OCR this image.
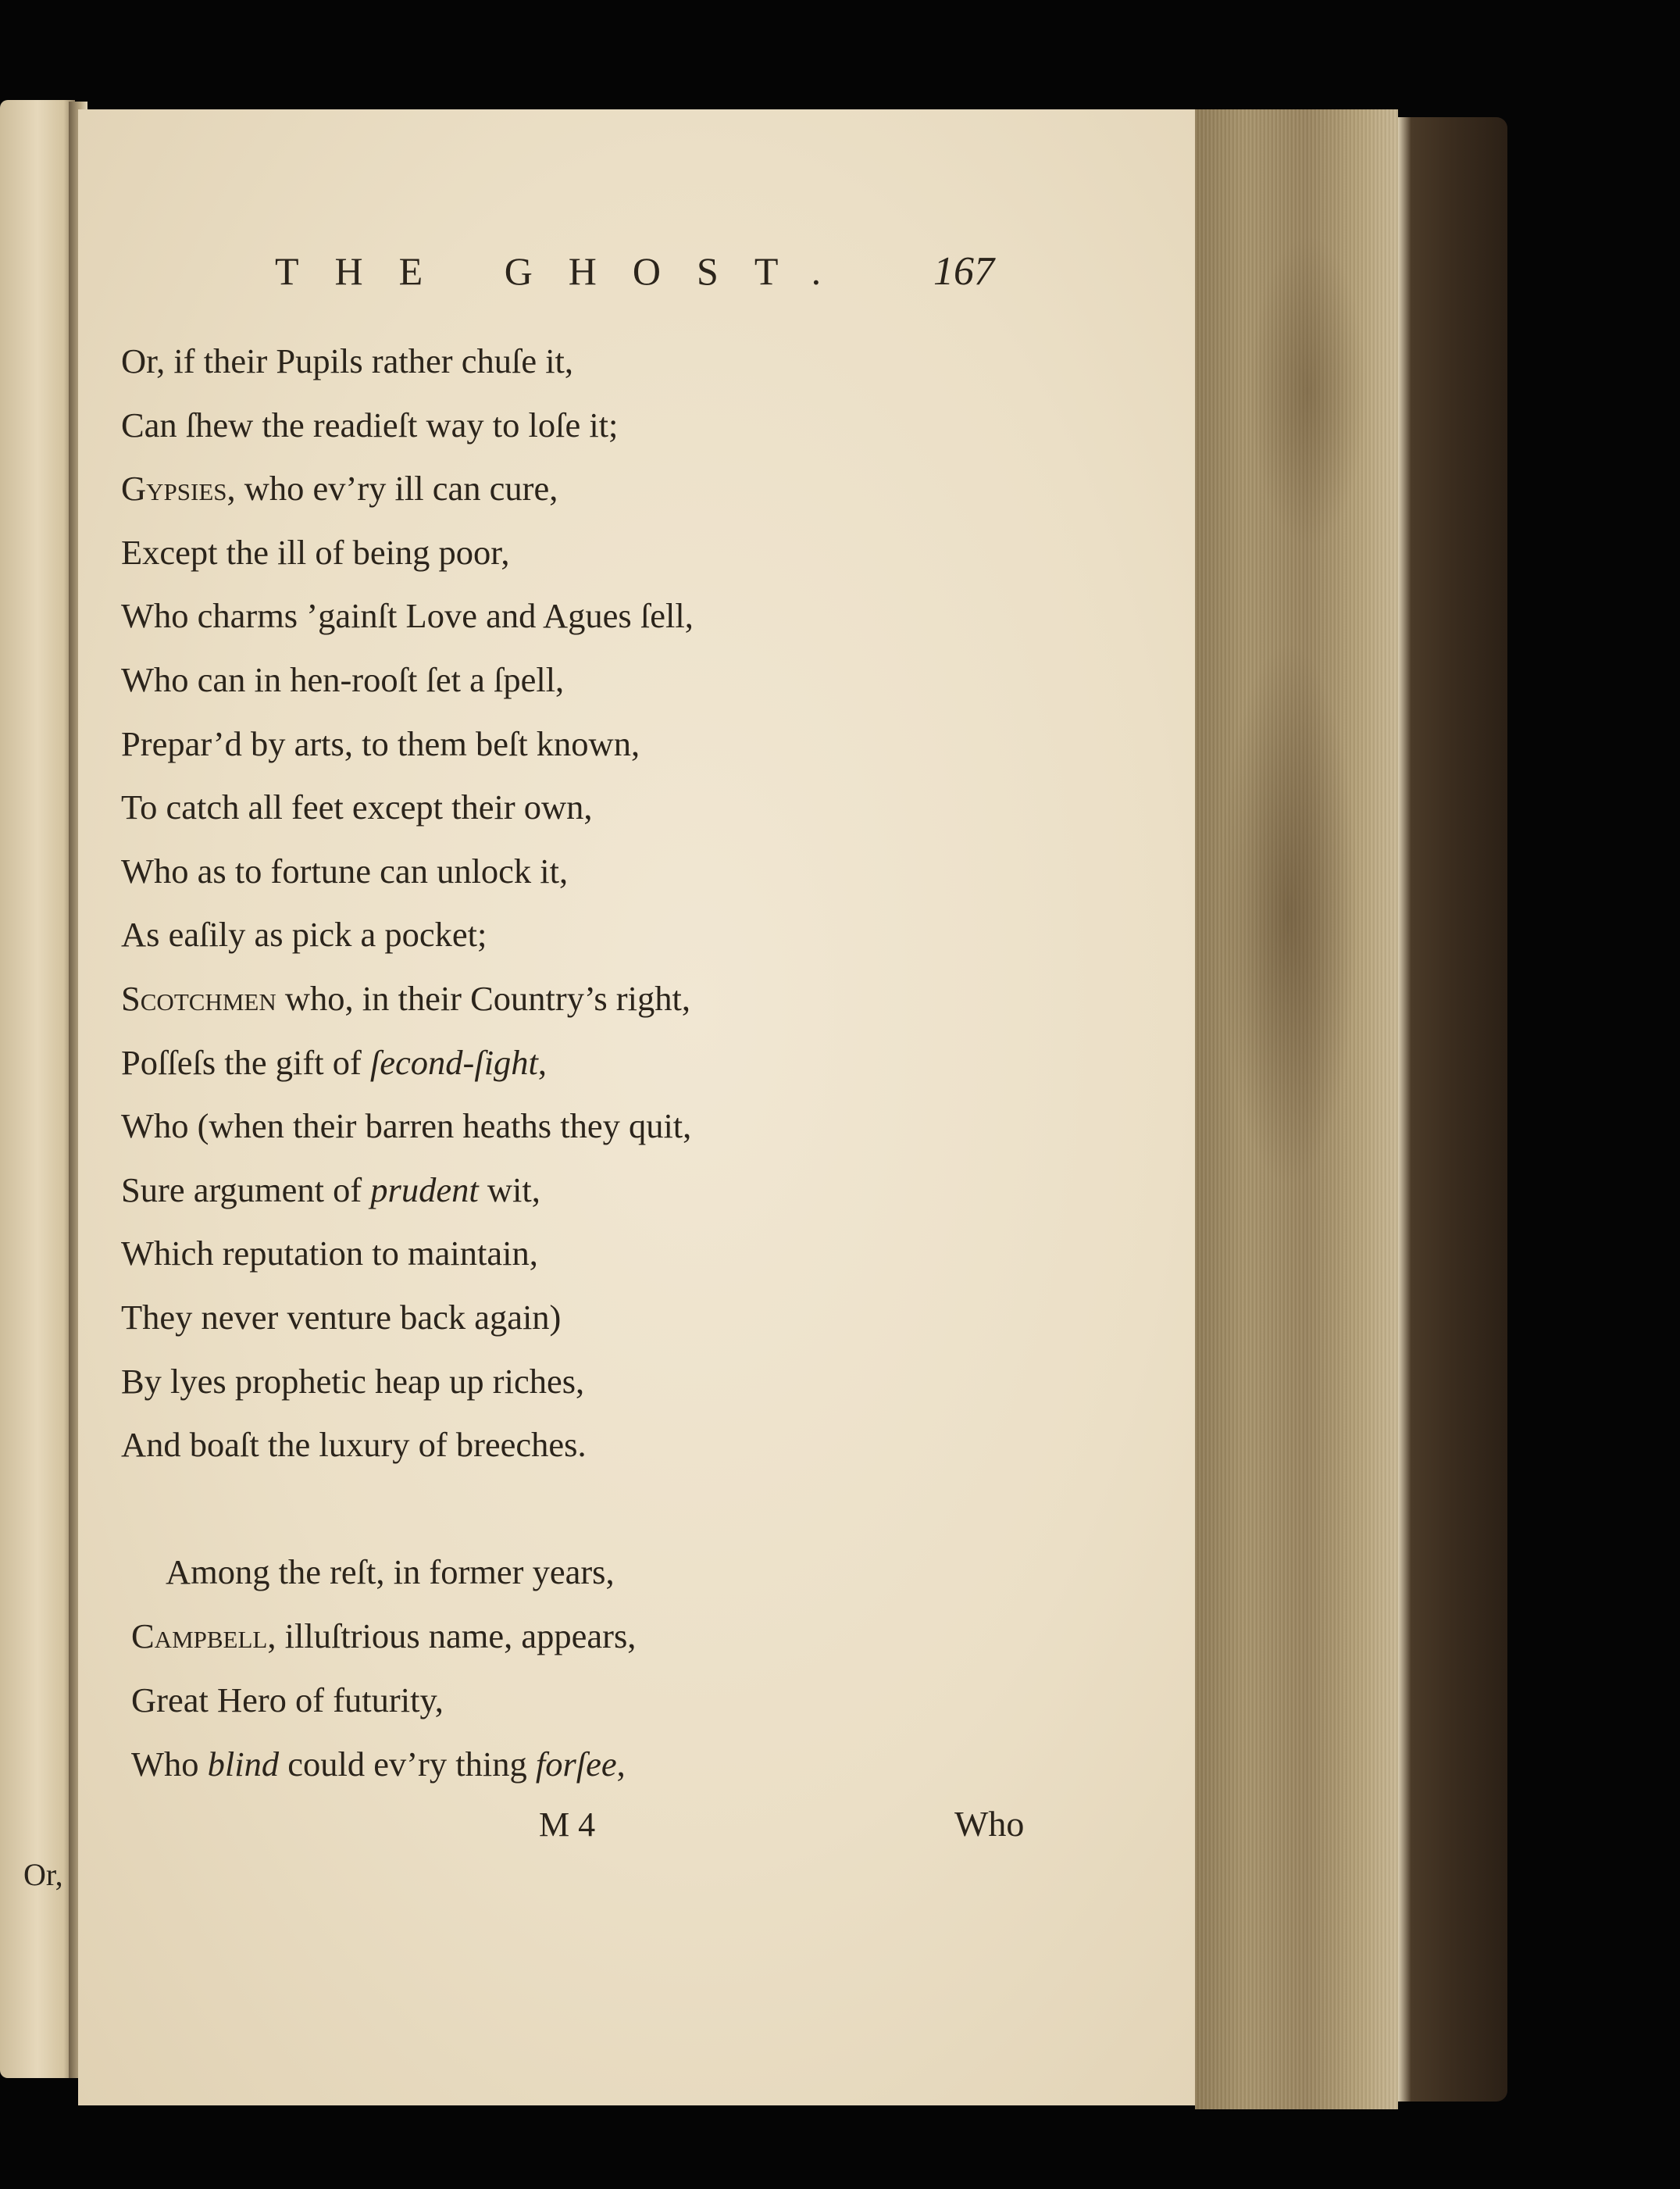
Or,
THE GHOST. 167
Or, if their Pupils rather chuſe it,
Can ſhew the readieſt way to loſe it;
Gypsies, who ev’ry ill can cure,
Except the ill of being poor,
Who charms ’gainſt Love and Agues ſell,
Who can in hen-rooſt ſet a ſpell,
Prepar’d by arts, to them beſt known,
To catch all feet except their own,
Who as to fortune can unlock it,
As eaſily as pick a pocket;
Scotchmen who, in their Country’s right,
Poſſeſs the gift of ſecond-ſight,
Who (when their barren heaths they quit,
Sure argument of prudent wit,
Which reputation to maintain,
They never venture back again)
By lyes prophetic heap up riches,
And boaſt the luxury of breeches.
Among the reſt, in former years,
Campbell, illuſtrious name, appears,
Great Hero of futurity,
Who blind could ev’ry thing forſee,
M 4	Who
